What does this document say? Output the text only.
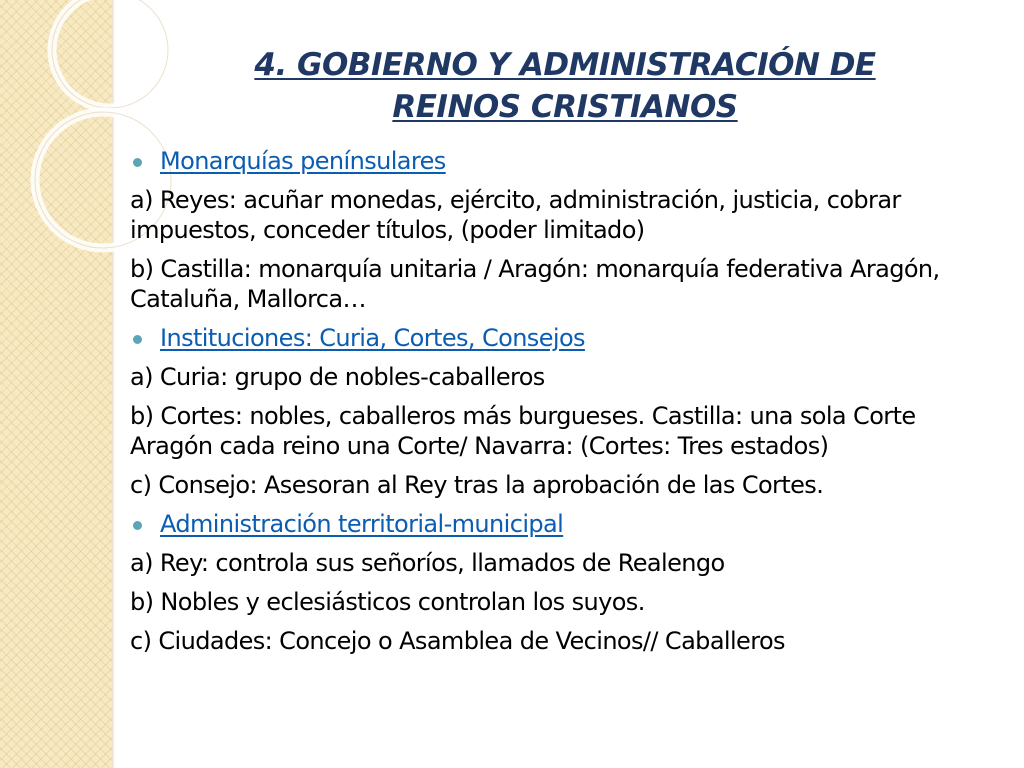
4. GOBIERNO Y ADMINISTRACIÓN DE
REINOS CRISTIANOS
Monarquías penínsulares

a) Reyes: acuñar monedas, ejército, administración, justicia, cobrar impuestos, conceder títulos, (poder limitado)

b) Castilla: monarquía unitaria / Aragón: monarquía federativa Aragón, Cataluña, Mallorca…

Instituciones: Curia, Cortes, Consejos

a) Curia: grupo de nobles-caballeros

b) Cortes: nobles, caballeros más burgueses. Castilla: una sola Corte Aragón cada reino una Corte/ Navarra: (Cortes: Tres estados)

c) Consejo: Asesoran al Rey tras la aprobación de las Cortes.

Administración territorial-municipal

a) Rey: controla sus señoríos, llamados de Realengo

b) Nobles y eclesiásticos controlan los suyos.

c) Ciudades: Concejo o Asamblea de Vecinos// Caballeros
